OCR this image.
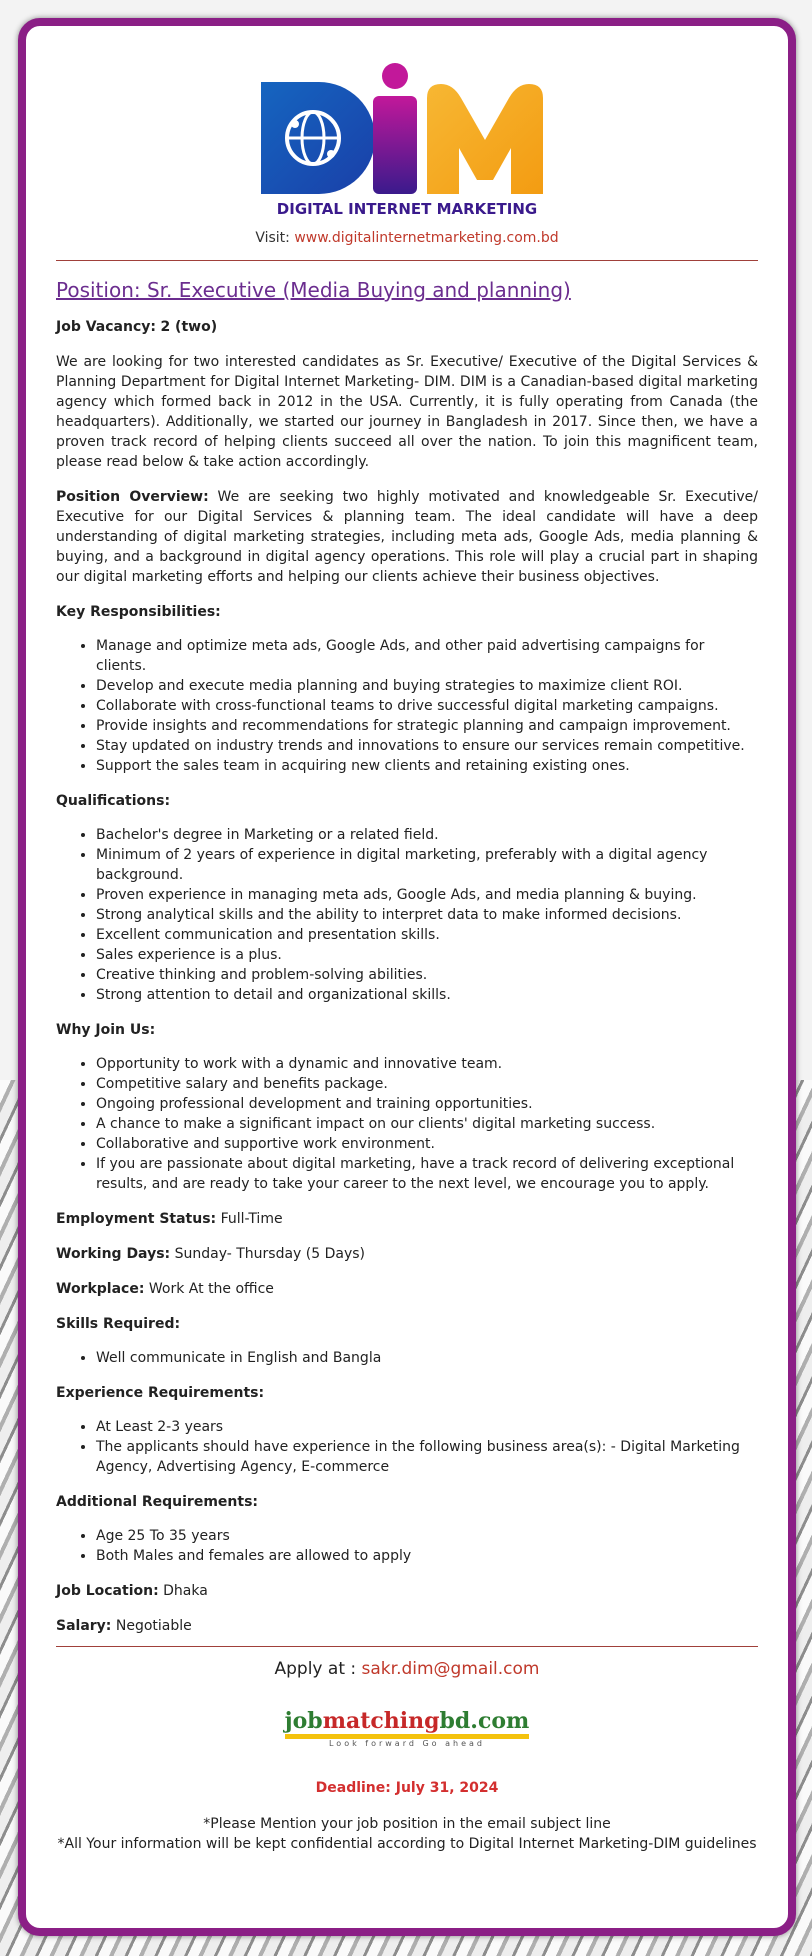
DIGITAL INTERNET MARKETING
Visit: www.digitalinternetmarketing.com.bd
Position: Sr. Executive (Media Buying and planning)

Job Vacancy: 2 (two)

We are looking for two interested candidates as Sr. Executive/ Executive of the Digital Services & Planning Department for Digital Internet Marketing- DIM. DIM is a Canadian-based digital marketing agency which formed back in 2012 in the USA. Currently, it is fully operating from Canada (the headquarters). Additionally, we started our journey in Bangladesh in 2017. Since then, we have a proven track record of helping clients succeed all over the nation. To join this magnificent team, please read below & take action accordingly.

Position Overview: We are seeking two highly motivated and knowledgeable Sr. Executive/ Executive for our Digital Services & planning team. The ideal candidate will have a deep understanding of digital marketing strategies, including meta ads, Google Ads, media planning & buying, and a background in digital agency operations. This role will play a crucial part in shaping our digital marketing efforts and helping our clients achieve their business objectives.

Key Responsibilities:
• Manage and optimize meta ads, Google Ads, and other paid advertising campaigns for clients.
• Develop and execute media planning and buying strategies to maximize client ROI.
• Collaborate with cross-functional teams to drive successful digital marketing campaigns.
• Provide insights and recommendations for strategic planning and campaign improvement.
• Stay updated on industry trends and innovations to ensure our services remain competitive.
• Support the sales team in acquiring new clients and retaining existing ones.
Qualifications:
• Bachelor's degree in Marketing or a related field.
• Minimum of 2 years of experience in digital marketing, preferably with a digital agency background.
• Proven experience in managing meta ads, Google Ads, and media planning & buying.
• Strong analytical skills and the ability to interpret data to make informed decisions.
• Excellent communication and presentation skills.
• Sales experience is a plus.
• Creative thinking and problem-solving abilities.
• Strong attention to detail and organizational skills.
Why Join Us:
• Opportunity to work with a dynamic and innovative team.
• Competitive salary and benefits package.
• Ongoing professional development and training opportunities.
• A chance to make a significant impact on our clients' digital marketing success.
• Collaborative and supportive work environment.
• If you are passionate about digital marketing, have a track record of delivering exceptional results, and are ready to take your career to the next level, we encourage you to apply.

Employment Status: Full-Time

Working Days: Sunday- Thursday (5 Days)

Workplace: Work At the office

Skills Required:
• Well communicate in English and Bangla
Experience Requirements:
• At Least 2-3 years
• The applicants should have experience in the following business area(s): - Digital Marketing Agency, Advertising Agency, E-commerce
Additional Requirements:
• Age 25 To 35 years
• Both Males and females are allowed to apply

Job Location: Dhaka

Salary: Negotiable

Apply at : sakr.dim@gmail.com
jobmatchingbd.com
Look forward Go ahead
Deadline: July 31, 2024

*Please Mention your job position in the email subject line

*All Your information will be kept confidential according to Digital Internet Marketing-DIM guidelines
